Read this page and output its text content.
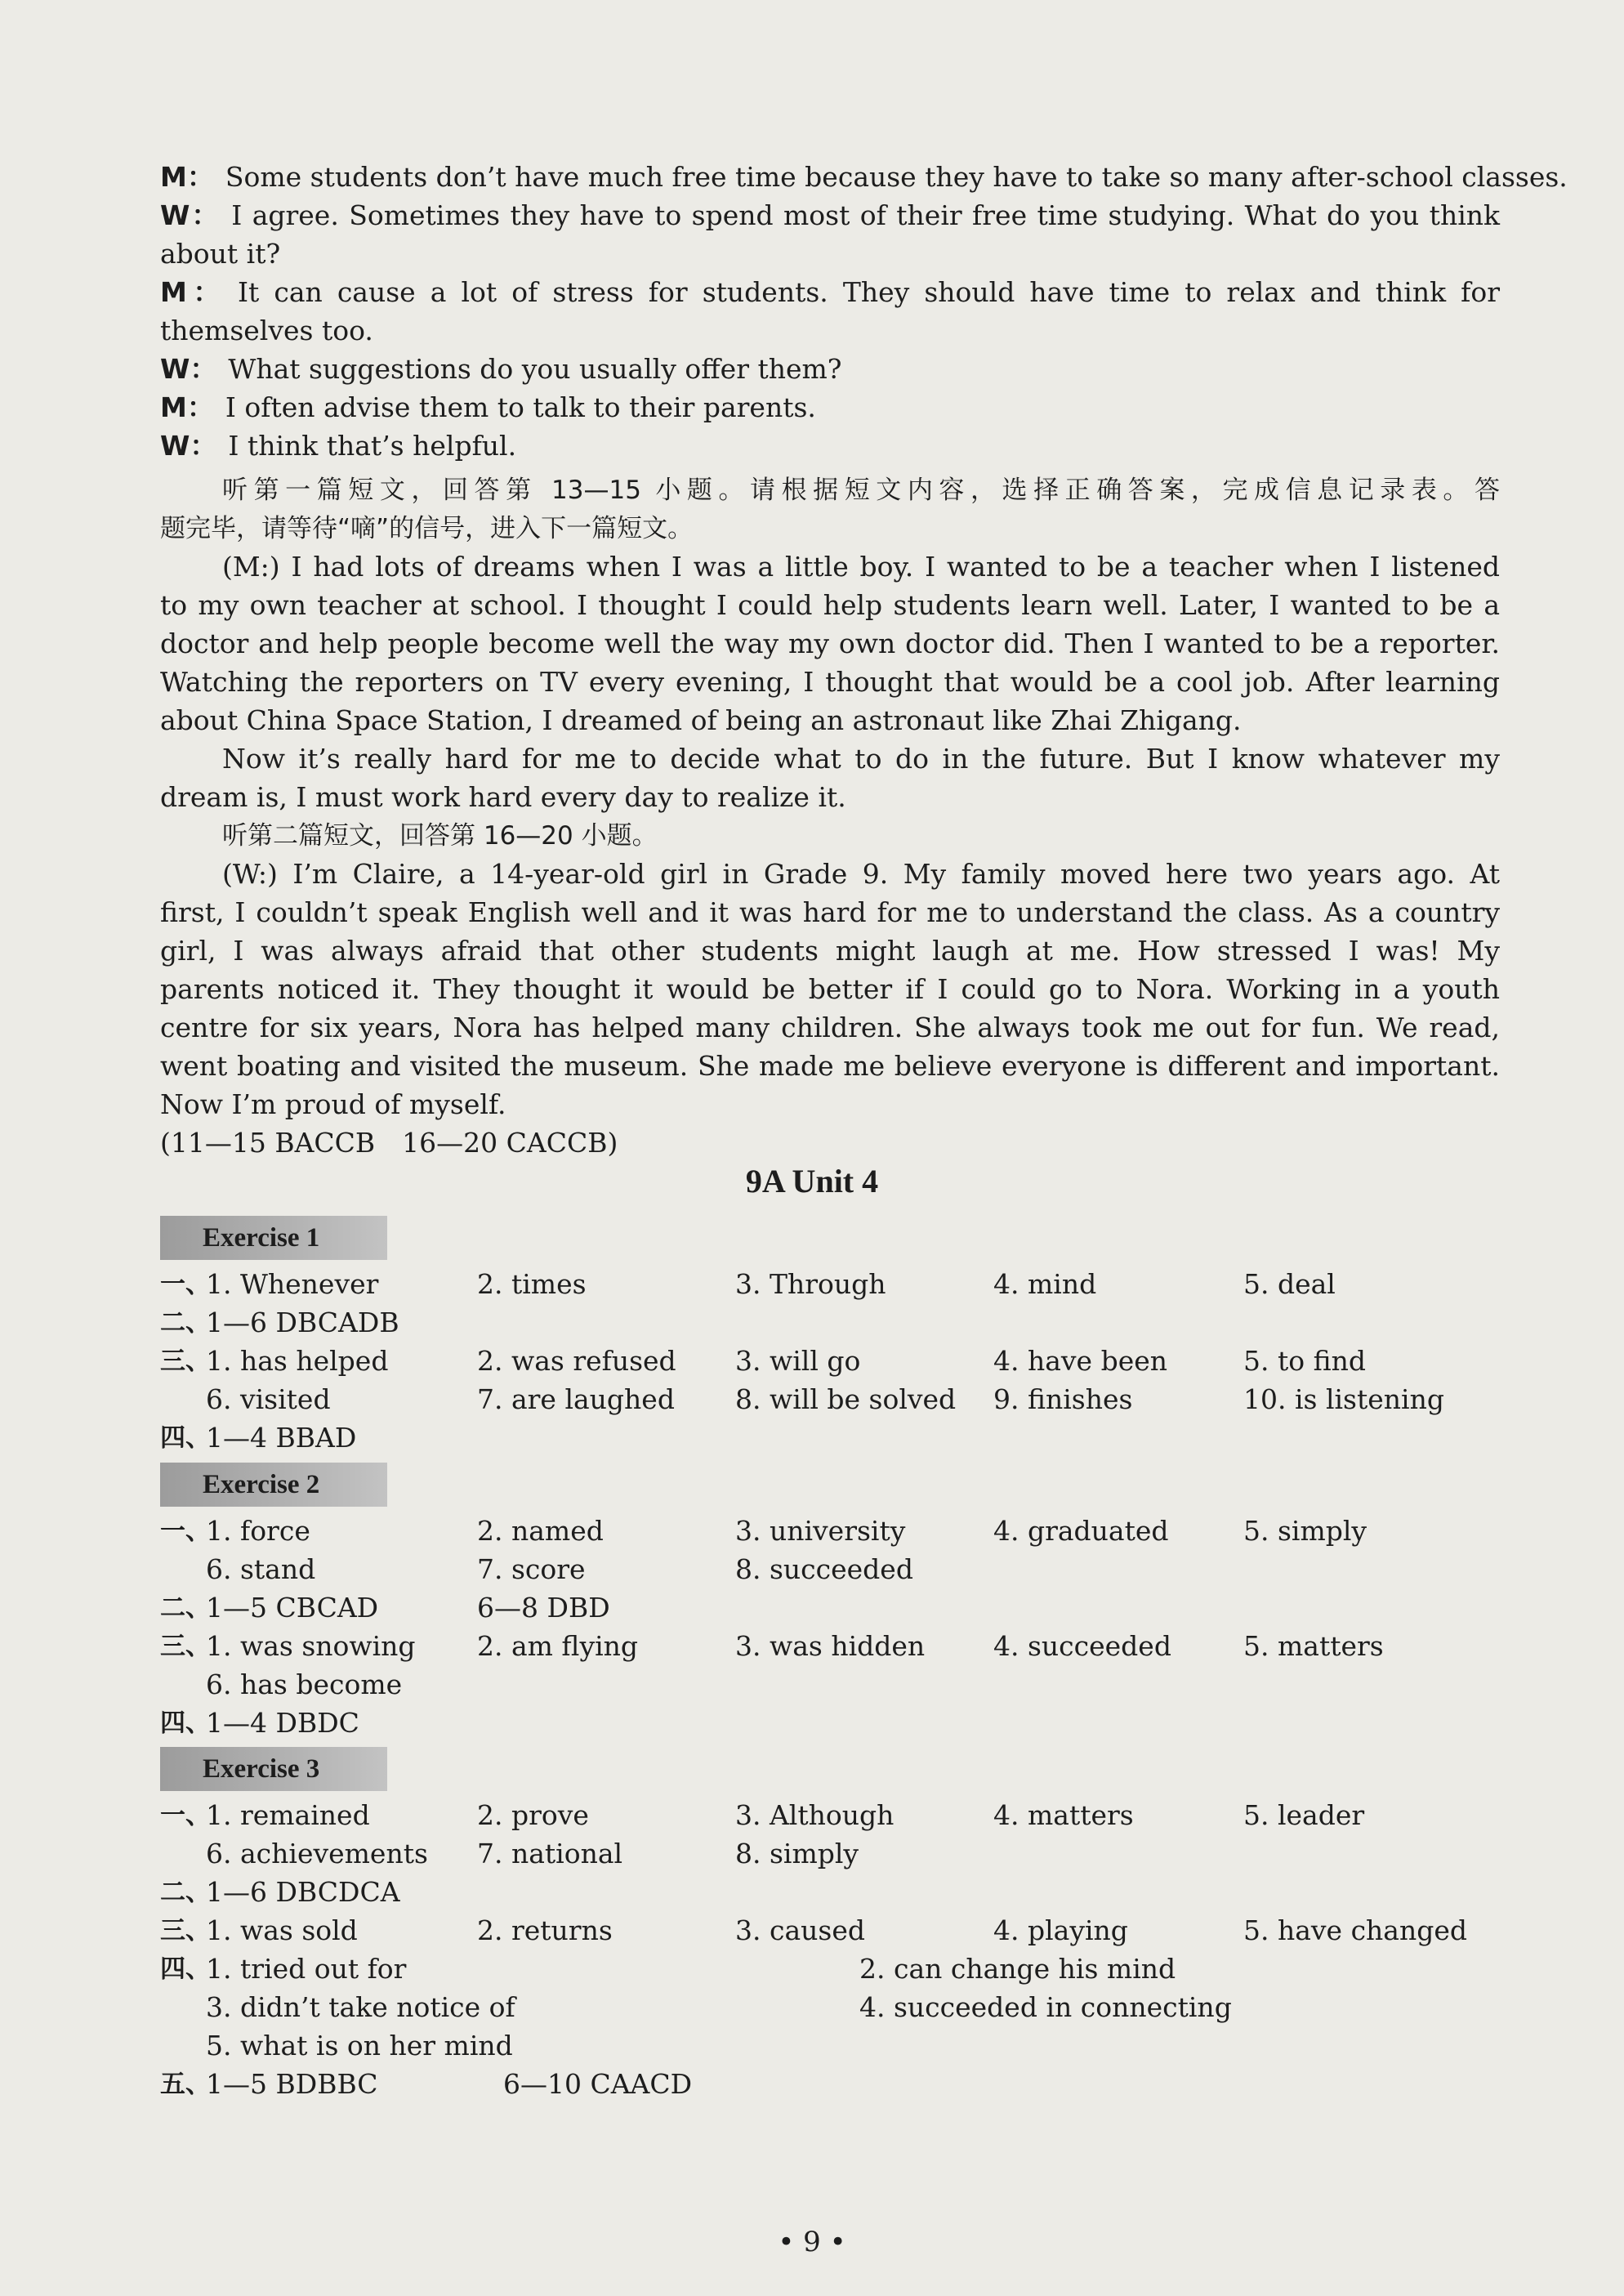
M： Some students don’t have much free time because they have to take so many after-school classes.
W： I agree. Sometimes they have to spend most of their free time studying. What do you think
about it?
M： It can cause a lot of stress for students. They should have time to relax and think for
themselves too.
W： What suggestions do you usually offer them?
M： I often advise them to talk to their parents.
W： I think that’s helpful.
听第一篇短文，回答第 13—15 小题。请根据短文内容，选择正确答案，完成信息记录表。答
题完毕，请等待“嘀”的信号，进入下一篇短文。
(M:) I had lots of dreams when I was a little boy. I wanted to be a teacher when I listened
to my own teacher at school. I thought I could help students learn well. Later, I wanted to be a
doctor and help people become well the way my own doctor did. Then I wanted to be a reporter.
Watching the reporters on TV every evening, I thought that would be a cool job. After learning
about China Space Station, I dreamed of being an astronaut like Zhai Zhigang.
Now it’s really hard for me to decide what to do in the future. But I know whatever my
dream is, I must work hard every day to realize it.
听第二篇短文，回答第 16—20 小题。
(W:) I’m Claire, a 14-year-old girl in Grade 9. My family moved here two years ago. At
first, I couldn’t speak English well and it was hard for me to understand the class. As a country
girl, I was always afraid that other students might laugh at me. How stressed I was! My
parents noticed it. They thought it would be better if I could go to Nora. Working in a youth
centre for six years, Nora has helped many children. She always took me out for fun. We read,
went boating and visited the museum. She made me believe everyone is different and important.
Now I’m proud of myself.
(11—15 BACCB　16—20 CACCB)
9A Unit 4
Exercise 1
一、
1. Whenever	2. times	3. Through	4. mind	5. deal
二、
1—6 DBCADB
三、
1. has helped	2. was refused 3. will go	4. have been	5. to find
6. visited	7. are laughed 8. will be solved 9. finishes	10. is listening
四、
1—4 BBAD
Exercise 2
一、
1. force	2. named	3. university	4. graduated	5. simply
6. stand	7. score	8. succeeded
二、
1—5 CBCAD	6—8 DBD
三、
1. was snowing 2. am flying	3. was hidden	4. succeeded	5. matters
6. has become
四、
1—4 DBDC
Exercise 3
一、
1. remained	2. prove	3. Although	4. matters	5. leader
6. achievements 7. national	8. simply
二、
1—6 DBCDCA
三、
1. was sold	2. returns	3. caused	4. playing	5. have changed
四、
1. tried out for	2. can change his mind
3. didn’t take notice of	4. succeeded in connecting
5. what is on her mind
五、
1—5 BDBBC	6—10 CAACD
• 9 •
